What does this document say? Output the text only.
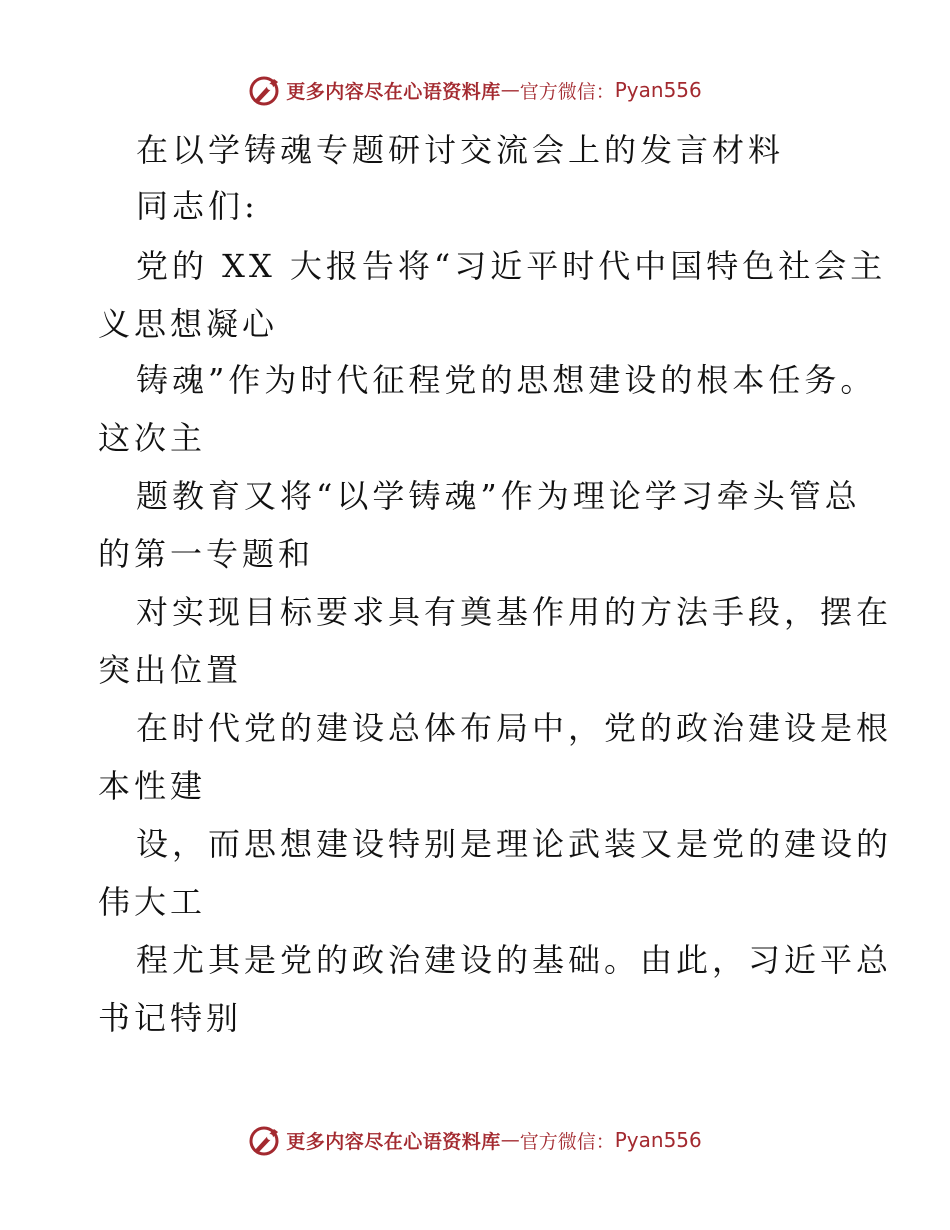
更多内容尽在心语资料库 — 官方微信： Pyan556
在以学铸魂专题研讨交流会上的发言材料
同志们:
党的 XX 大报告将“习近平时代中国特色社会主
义思想凝心
铸魂”作为时代征程党的思想建设的根本任务。
这次主
题教育又将“以学铸魂”作为理论学习牵头管总
的第一专题和
对实现目标要求具有奠基作用的方法手段，摆在
突出位置
在时代党的建设总体布局中，党的政治建设是根
本性建
设，而思想建设特别是理论武装又是党的建设的
伟大工
程尤其是党的政治建设的基础。由此，习近平总
书记特别
更多内容尽在心语资料库 — 官方微信： Pyan556
